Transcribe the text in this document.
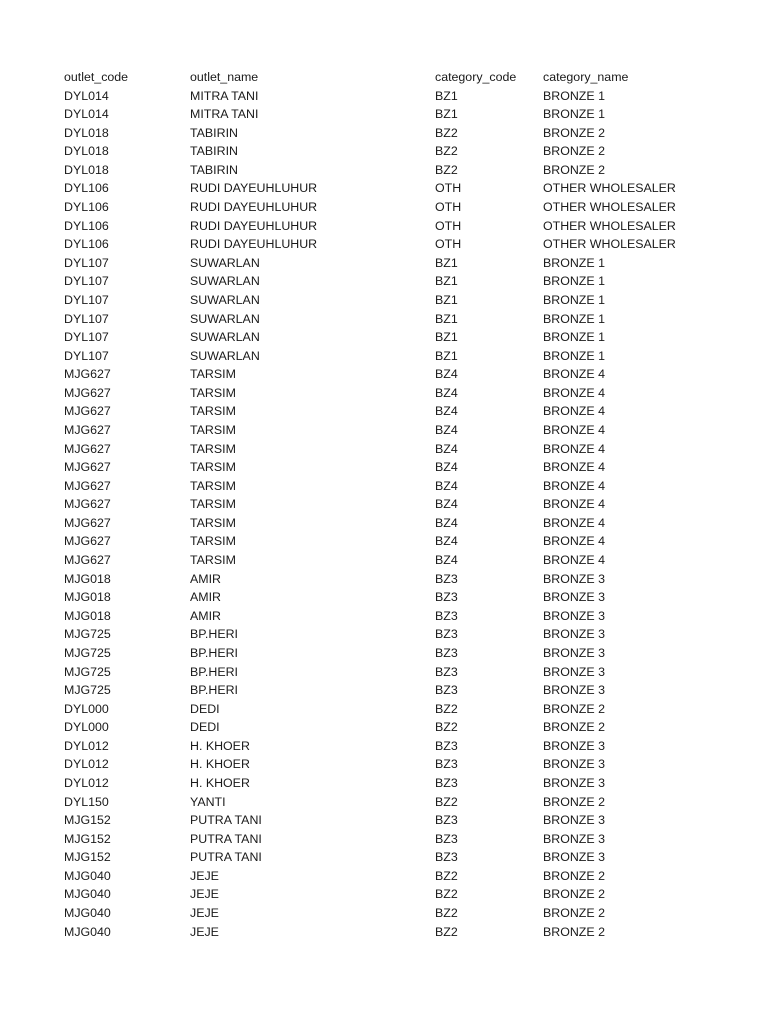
outlet_code	outlet_name	category_code	category_name
DYL014	MITRA TANI	BZ1	BRONZE 1
DYL014	MITRA TANI	BZ1	BRONZE 1
DYL018	TABIRIN	BZ2	BRONZE 2
DYL018	TABIRIN	BZ2	BRONZE 2
DYL018	TABIRIN	BZ2	BRONZE 2
DYL106	RUDI DAYEUHLUHUR	OTH	OTHER WHOLESALER
DYL106	RUDI DAYEUHLUHUR	OTH	OTHER WHOLESALER
DYL106	RUDI DAYEUHLUHUR	OTH	OTHER WHOLESALER
DYL106	RUDI DAYEUHLUHUR	OTH	OTHER WHOLESALER
DYL107	SUWARLAN	BZ1	BRONZE 1
DYL107	SUWARLAN	BZ1	BRONZE 1
DYL107	SUWARLAN	BZ1	BRONZE 1
DYL107	SUWARLAN	BZ1	BRONZE 1
DYL107	SUWARLAN	BZ1	BRONZE 1
DYL107	SUWARLAN	BZ1	BRONZE 1
MJG627	TARSIM	BZ4	BRONZE 4
MJG627	TARSIM	BZ4	BRONZE 4
MJG627	TARSIM	BZ4	BRONZE 4
MJG627	TARSIM	BZ4	BRONZE 4
MJG627	TARSIM	BZ4	BRONZE 4
MJG627	TARSIM	BZ4	BRONZE 4
MJG627	TARSIM	BZ4	BRONZE 4
MJG627	TARSIM	BZ4	BRONZE 4
MJG627	TARSIM	BZ4	BRONZE 4
MJG627	TARSIM	BZ4	BRONZE 4
MJG627	TARSIM	BZ4	BRONZE 4
MJG018	AMIR	BZ3	BRONZE 3
MJG018	AMIR	BZ3	BRONZE 3
MJG018	AMIR	BZ3	BRONZE 3
MJG725	BP.HERI	BZ3	BRONZE 3
MJG725	BP.HERI	BZ3	BRONZE 3
MJG725	BP.HERI	BZ3	BRONZE 3
MJG725	BP.HERI	BZ3	BRONZE 3
DYL000	DEDI	BZ2	BRONZE 2
DYL000	DEDI	BZ2	BRONZE 2
DYL012	H. KHOER	BZ3	BRONZE 3
DYL012	H. KHOER	BZ3	BRONZE 3
DYL012	H. KHOER	BZ3	BRONZE 3
DYL150	YANTI	BZ2	BRONZE 2
MJG152	PUTRA TANI	BZ3	BRONZE 3
MJG152	PUTRA TANI	BZ3	BRONZE 3
MJG152	PUTRA TANI	BZ3	BRONZE 3
MJG040	JEJE	BZ2	BRONZE 2
MJG040	JEJE	BZ2	BRONZE 2
MJG040	JEJE	BZ2	BRONZE 2
MJG040	JEJE	BZ2	BRONZE 2
